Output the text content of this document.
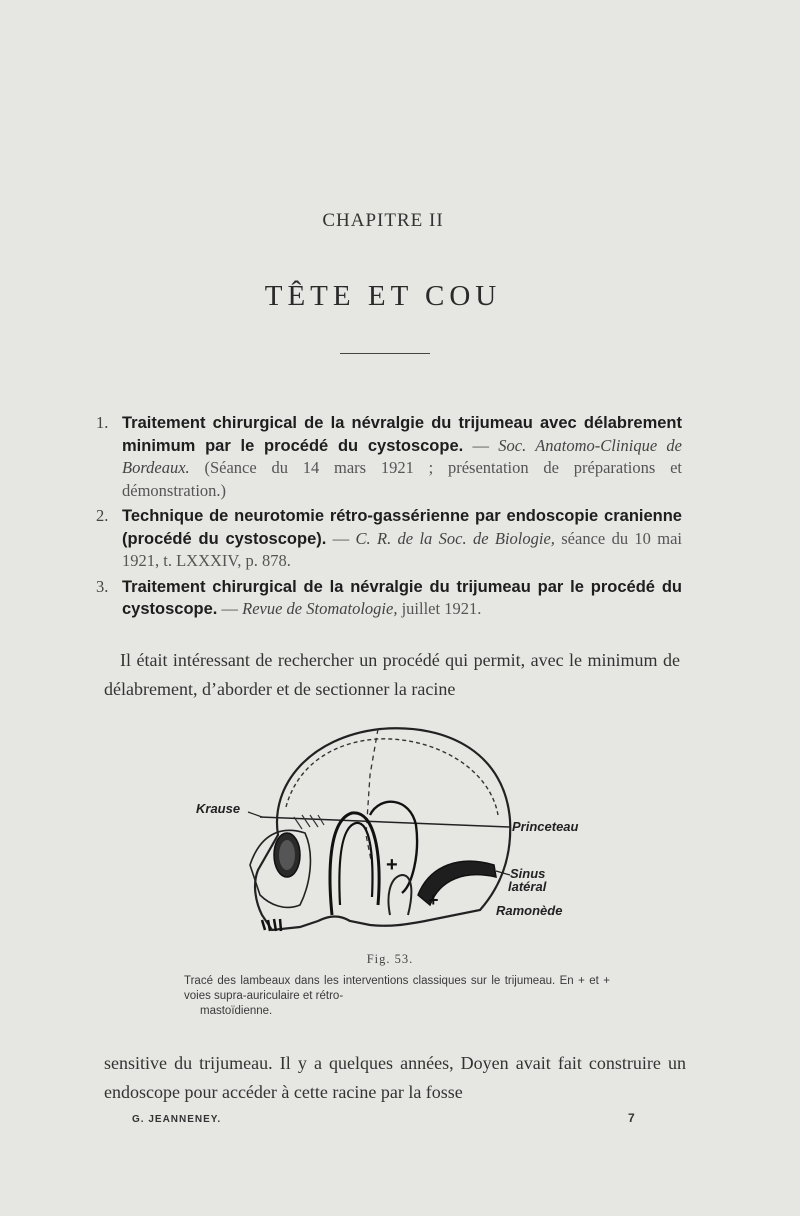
CHAPITRE II
TÊTE ET COU
1. Traitement chirurgical de la névralgie du trijumeau avec délabrement minimum par le procédé du cystoscope. — Soc. Anatomo-Clinique de Bordeaux. (Séance du 14 mars 1921 ; présentation de préparations et démonstration.)
2. Technique de neurotomie rétro-gassérienne par endoscopie cranienne (procédé du cystoscope). — C. R. de la Soc. de Biologie, séance du 10 mai 1921, t. LXXXIV, p. 878.
3. Traitement chirurgical de la névralgie du trijumeau par le procédé du cystoscope. — Revue de Stomatologie, juillet 1921.
Il était intéressant de rechercher un procédé qui permit, avec le minimum de délabrement, d’aborder et de sectionner la racine
+
+
Krause
Princeteau
Sinus
latéral
Ramonède
Fig. 53.
Tracé des lambeaux dans les interventions classiques sur le trijumeau. En + et + voies supra-auriculaire et rétro-
mastoïdienne.
sensitive du trijumeau. Il y a quelques années, Doyen avait fait construire un endoscope pour accéder à cette racine par la fosse
G. JEANNENEY.	7
